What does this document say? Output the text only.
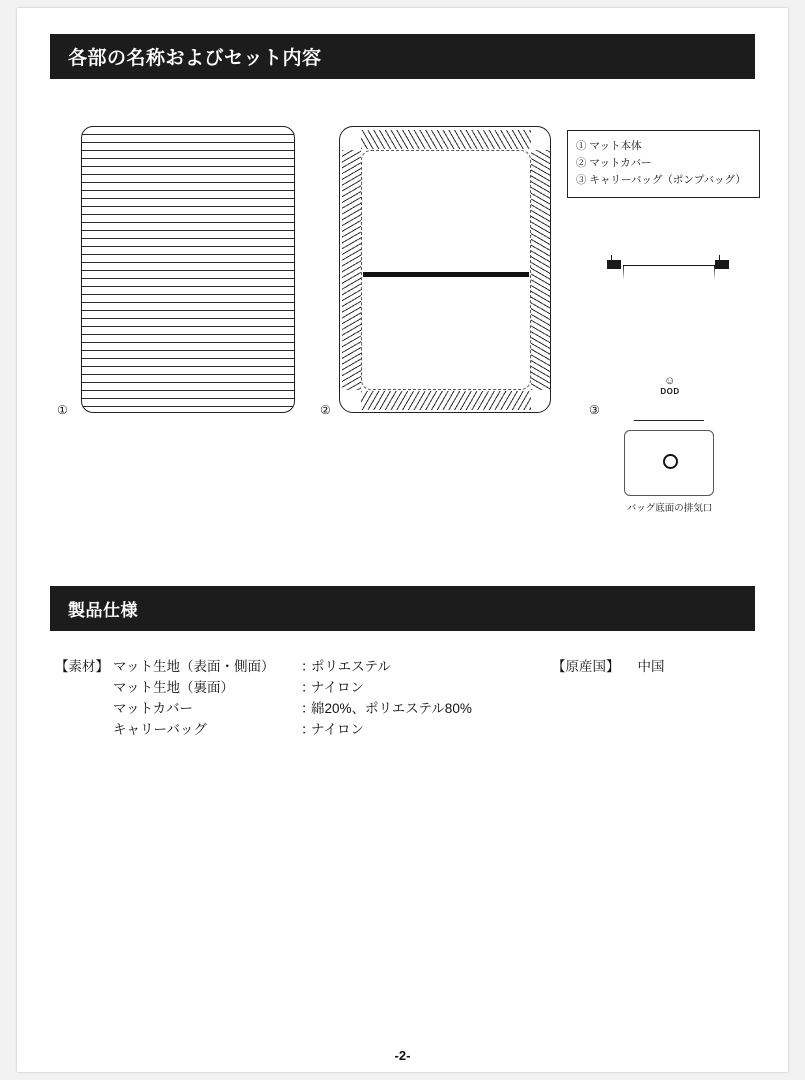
各部の名称およびセット内容
①	②
① マット本体
② マットカバー
③ キャリーバッグ（ポンプバッグ）
☺
DOD
③
バッグ底面の排気口
製品仕様
【素材】 マット生地（表面・側面）	：
ポリエステル
マット生地（裏面）	：
ナイロン
マットカバー	：
綿20%、ポリエステル80%
キャリーバッグ	：
ナイロン
【原産国】 中国
-2-
